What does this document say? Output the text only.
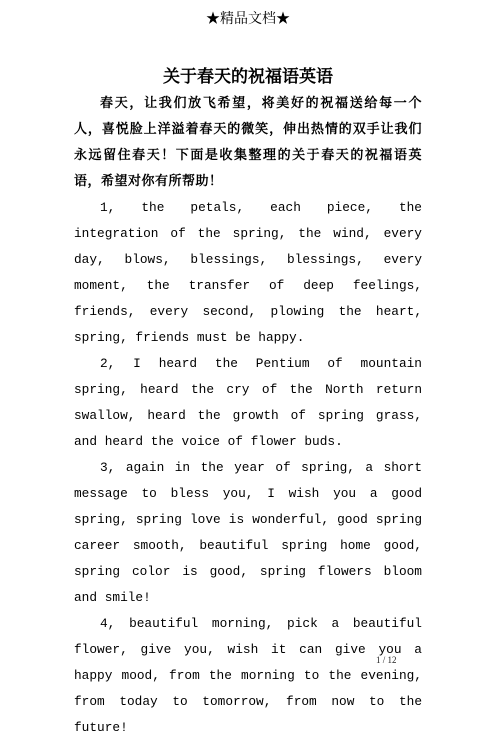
★精品文档★
关于春天的祝福语英语

春天，让我们放飞希望，将美好的祝福送给每一个人，喜悦脸上洋溢着春天的微笑，伸出热情的双手让我们永远留住春天！下面是收集整理的关于春天的祝福语英语，希望对你有所帮助！

1, the petals, each piece, the integration of the spring, the wind, every day, blows, blessings, blessings, every moment, the transfer of deep feelings, friends, every second, plowing the heart, spring, friends must be happy.

2, I heard the Pentium of mountain spring, heard the cry of the North return swallow, heard the growth of spring grass, and heard the voice of flower buds.

3, again in the year of spring, a short message to bless you, I wish you a good spring, spring love is wonderful, good spring career smooth, beautiful spring home good, spring color is good, spring flowers bloom and smile!

4, beautiful morning, pick a beautiful flower, give you, wish it can give you a happy mood, from the morning to the evening, from today to tomorrow, from now to the future!

1 / 12
